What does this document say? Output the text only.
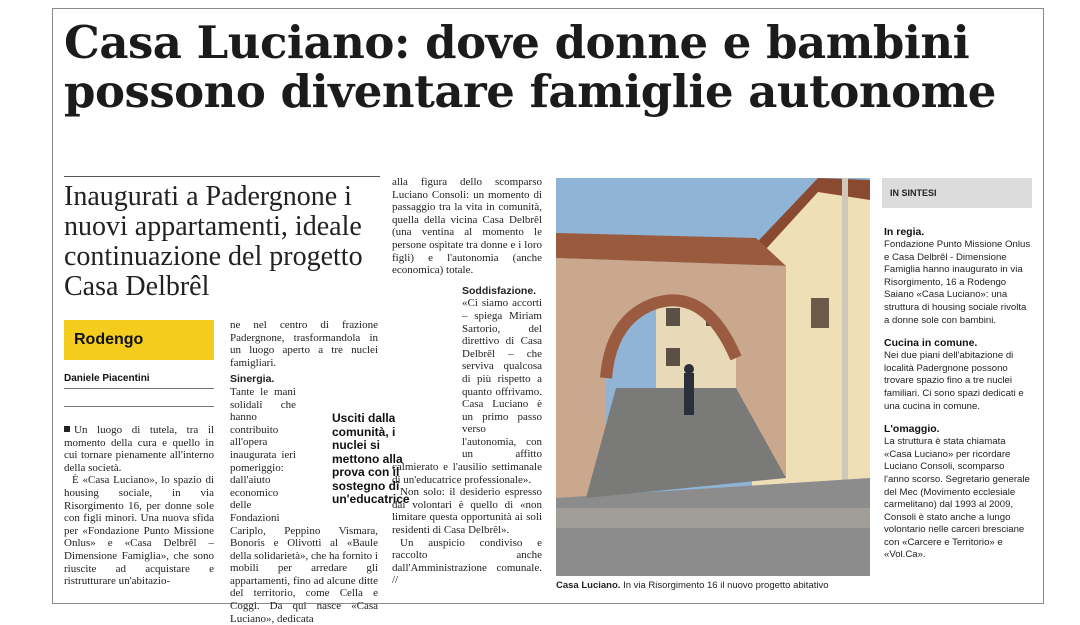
Casa Luciano: dove donne e bambini possono diventare famiglie autonome
Inaugurati a Padergnone i nuovi appartamenti, ideale continuazione del progetto Casa Delbrêl
Rodengo
Daniele Piacentini

Un luogo di tutela, tra il momento della cura e quello in cui tornare pienamente all'interno della società.

È «Casa Luciano», lo spazio di housing sociale, in via Risorgimento 16, per donne sole con figli minori. Una nuova sfida per «Fondazione Punto Missione Onlus» e «Casa Delbrêl – Dimensione Famiglia», che sono riuscite ad acquistare e ristrutturare un'abitazio-

ne nel centro di frazione Padergnone, trasformandola in un luogo aperto a tre nuclei famigliari.

Sinergia.
Tante le mani solidali che hanno contribuito all'opera inaugurata ieri pomeriggio: dall'aiuto economico delle Fondazioni Cariplo, Peppino Vismara, Bonoris e Olivotti al «Baule della solidarietà», che ha fornito i mobili per arredare gli appartamenti, fino ad alcune ditte del territorio, come Cella e Coggi. Da qui nasce «Casa Luciano», dedicata

Usciti dalla comunità, i nuclei si mettono alla prova con il sostegno di un'educatrice

alla figura dello scomparso Luciano Consoli: un momento di passaggio tra la vita in comunità, quella della vicina Casa Delbrêl (una ventina al momento le persone ospitate tra donne e i loro figli) e l'autonomia (anche economica) totale.

Soddisfazione. «Ci siamo accorti – spiega Miriam Sartorio, del direttivo di Casa Delbrêl – che serviva qualcosa di più rispetto a quanto offrivamo. Casa Luciano è un primo passo verso l'autonomia, con un affitto calmierato e l'ausilio settimanale di un'educatrice professionale».

Non solo: il desiderio espresso dai volontari è quello di «non limitare questa opportunità ai soli residenti di Casa Delbrêl».

Un auspicio condiviso e raccolto anche dall'Amministrazione comunale. //	Casa Luciano. In via Risorgimento 16 il nuovo progetto abitativo
IN SINTESI
In regia.

Fondazione Punto Missione Onlus e Casa Delbrêl - Dimensione Famiglia hanno inaugurato in via Risorgimento, 16 a Rodengo Saiano «Casa Luciano»: una struttura di housing sociale rivolta a donne sole con bambini.

Cucina in comune.

Nei due piani dell'abitazione di località Padergnone possono trovare spazio fino a tre nuclei familiari. Ci sono spazi dedicati e una cucina in comune.

L'omaggio.

La struttura è stata chiamata «Casa Luciano» per ricordare Luciano Consoli, scomparso l'anno scorso. Segretario generale del Mec (Movimento ecclesiale carmelitano) dal 1993 al 2009, Consoli è stato anche a lungo volontario nelle carceri bresciane con «Carcere e Territorio» e «Vol.Ca».
